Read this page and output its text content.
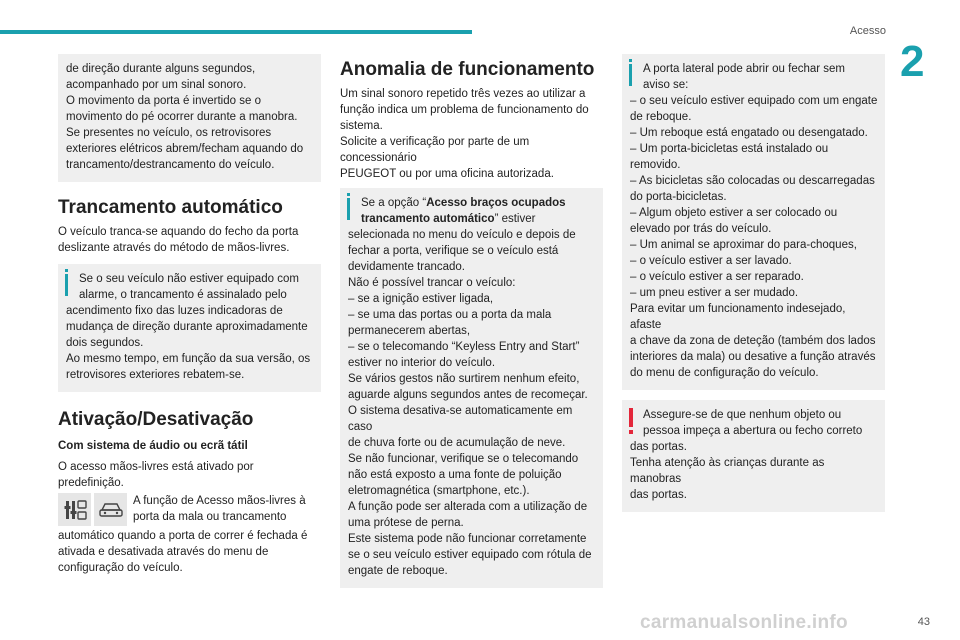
Acesso
2

de direção durante alguns segundos,

acompanhado por um sinal sonoro.

O movimento da porta é invertido se o

movimento do pé ocorrer durante a manobra.

Se presentes no veículo, os retrovisores

exteriores elétricos abrem/fecham aquando do

trancamento/destrancamento do veículo.

Trancamento automático

O veículo tranca-se aquando do fecho da porta

deslizante através do método de mãos-livres.

Se o seu veículo não estiver equipado com

alarme, o trancamento é assinalado pelo

acendimento fixo das luzes indicadoras de

mudança de direção durante aproximadamente

dois segundos.

Ao mesmo tempo, em função da sua versão, os

retrovisores exteriores rebatem-se.

Ativação/Desativação

Com sistema de áudio ou ecrã tátil

O acesso mãos-livres está ativado por predefinição.

A função de Acesso mãos-livres à

porta da mala ou trancamento

automático quando a porta de correr é fechada é

ativada e desativada através do menu de

configuração do veículo.

Anomalia de funcionamento

Um sinal sonoro repetido três vezes ao utilizar a

função indica um problema de funcionamento do

sistema.

Solicite a verificação por parte de um concessionário

PEUGEOT ou por uma oficina autorizada.

Se a opção “Acesso braços ocupados trancamento automático” estiver

selecionada no menu do veículo e depois de

fechar a porta, verifique se o veículo está

devidamente trancado.

Não é possível trancar o veículo:

– se a ignição estiver ligada,

– se uma das portas ou a porta da mala

permanecerem abertas,

– se o telecomando “Keyless Entry and Start”

estiver no interior do veículo.

Se vários gestos não surtirem nenhum efeito,

aguarde alguns segundos antes de recomeçar.

O sistema desativa-se automaticamente em caso

de chuva forte ou de acumulação de neve.

Se não funcionar, verifique se o telecomando

não está exposto a uma fonte de poluição

eletromagnética (smartphone, etc.).

A função pode ser alterada com a utilização de

uma prótese de perna.

Este sistema pode não funcionar corretamente

se o seu veículo estiver equipado com rótula de

engate de reboque.

A porta lateral pode abrir ou fechar sem

aviso se:

– o seu veículo estiver equipado com um engate

de reboque.

– Um reboque está engatado ou desengatado.

– Um porta-bicicletas está instalado ou

removido.

– As bicicletas são colocadas ou descarregadas

do porta-bicicletas.

– Algum objeto estiver a ser colocado ou

elevado por trás do veículo.

– Um animal se aproximar do para-choques,

– o veículo estiver a ser lavado.

– o veículo estiver a ser reparado.

– um pneu estiver a ser mudado.

Para evitar um funcionamento indesejado, afaste

a chave da zona de deteção (também dos lados

interiores da mala) ou desative a função através

do menu de configuração do veículo.

Assegure-se de que nenhum objeto ou

pessoa impeça a abertura ou fecho correto

das portas.

Tenha atenção às crianças durante as manobras

das portas.

carmanualsonline.info	43
